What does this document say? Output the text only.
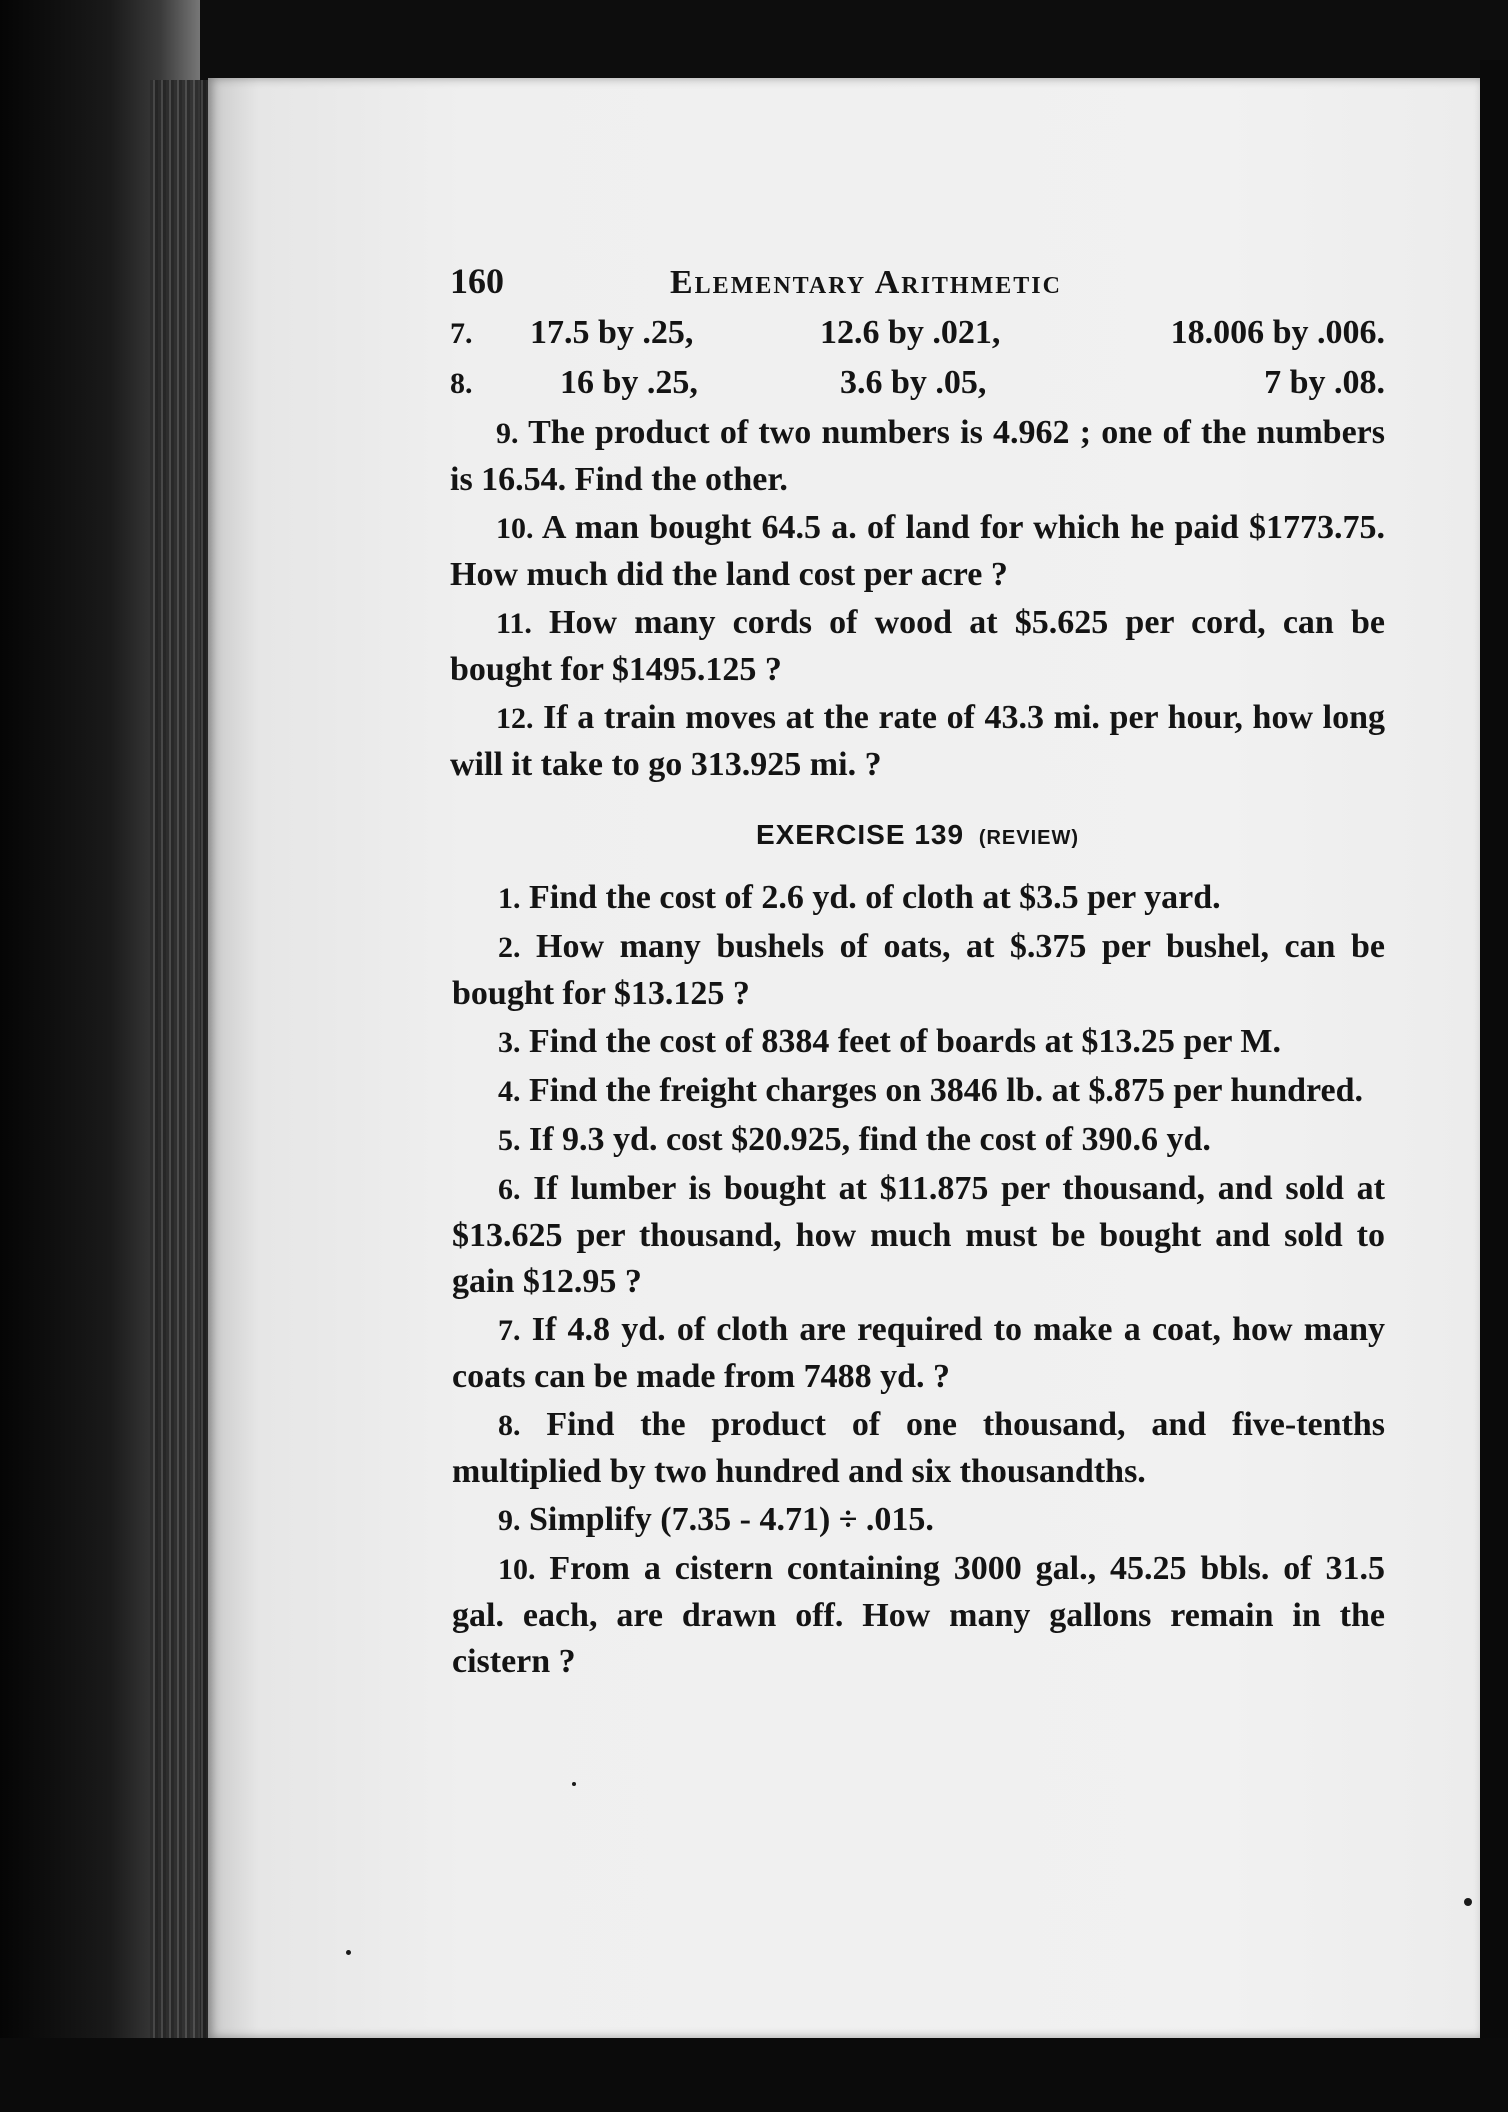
160	Elementary Arithmetic
7.	17.5 by .25,	12.6 by .021,	18.006 by .006.
8.	16 by .25,	3.6 by .05,	7 by .08.

9. The product of two numbers is 4.962 ; one of the numbers is 16.54. Find the other.

10. A man bought 64.5 a. of land for which he paid $1773.75. How much did the land cost per acre ?

11. How many cords of wood at $5.625 per cord, can be bought for $1495.125 ?

12. If a train moves at the rate of 43.3 mi. per hour, how long will it take to go 313.925 mi. ?

EXERCISE 139 (REVIEW)

1. Find the cost of 2.6 yd. of cloth at $3.5 per yard.

2. How many bushels of oats, at $.375 per bushel, can be bought for $13.125 ?

3. Find the cost of 8384 feet of boards at $13.25 per M.

4. Find the freight charges on 3846 lb. at $.875 per hundred.

5. If 9.3 yd. cost $20.925, find the cost of 390.6 yd.

6. If lumber is bought at $11.875 per thousand, and sold at $13.625 per thousand, how much must be bought and sold to gain $12.95 ?

7. If 4.8 yd. of cloth are required to make a coat, how many coats can be made from 7488 yd. ?

8. Find the product of one thousand, and five-tenths multiplied by two hundred and six thousandths.

9. Simplify (7.35 - 4.71) ÷ .015.

10. From a cistern containing 3000 gal., 45.25 bbls. of 31.5 gal. each, are drawn off. How many gallons remain in the cistern ?
